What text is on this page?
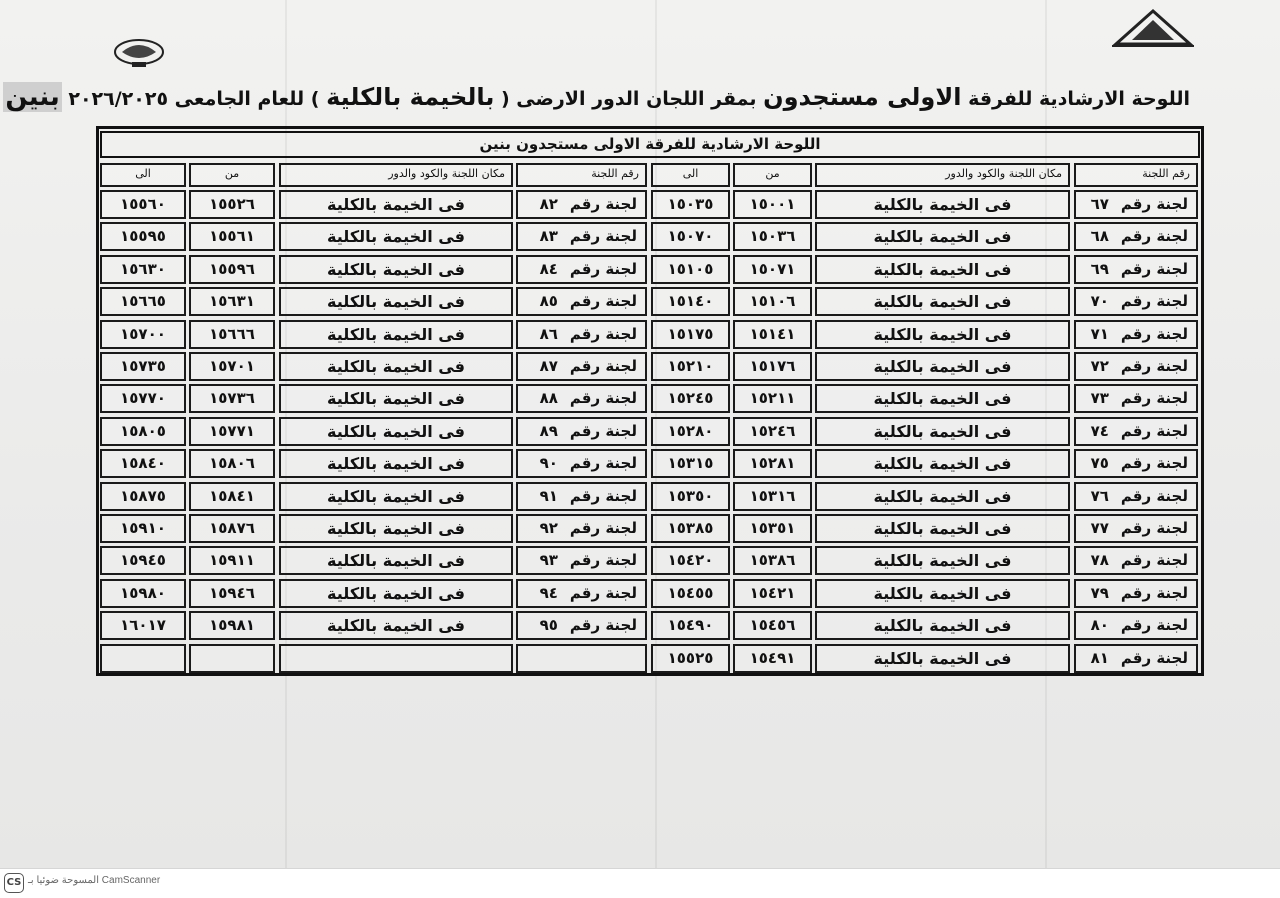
اللوحة الارشادية للفرقة الاولى مستجدون بمقر اللجان الدور الارضى ( بالخيمة بالكلية ) للعام الجامعى ٢٠٢٦/٢٠٢٥ بنين
اللوحة الارشادية للفرقة الاولى مستجدون بنين
رقم اللجنة
مكان اللجنة والكود والدور
من
الى
رقم اللجنة
مكان اللجنة والكود والدور
من
الى
لجنة رقم٦٧
فى الخيمة بالكلية
١٥٠٠١
١٥٠٣٥
لجنة رقم٨٢
فى الخيمة بالكلية
١٥٥٢٦
١٥٥٦٠
لجنة رقم٦٨
فى الخيمة بالكلية
١٥٠٣٦
١٥٠٧٠
لجنة رقم٨٣
فى الخيمة بالكلية
١٥٥٦١
١٥٥٩٥
لجنة رقم٦٩
فى الخيمة بالكلية
١٥٠٧١
١٥١٠٥
لجنة رقم٨٤
فى الخيمة بالكلية
١٥٥٩٦
١٥٦٣٠
لجنة رقم٧٠
فى الخيمة بالكلية
١٥١٠٦
١٥١٤٠
لجنة رقم٨٥
فى الخيمة بالكلية
١٥٦٣١
١٥٦٦٥
لجنة رقم٧١
فى الخيمة بالكلية
١٥١٤١
١٥١٧٥
لجنة رقم٨٦
فى الخيمة بالكلية
١٥٦٦٦
١٥٧٠٠
لجنة رقم٧٢
فى الخيمة بالكلية
١٥١٧٦
١٥٢١٠
لجنة رقم٨٧
فى الخيمة بالكلية
١٥٧٠١
١٥٧٣٥
لجنة رقم٧٣
فى الخيمة بالكلية
١٥٢١١
١٥٢٤٥
لجنة رقم٨٨
فى الخيمة بالكلية
١٥٧٣٦
١٥٧٧٠
لجنة رقم٧٤
فى الخيمة بالكلية
١٥٢٤٦
١٥٢٨٠
لجنة رقم٨٩
فى الخيمة بالكلية
١٥٧٧١
١٥٨٠٥
لجنة رقم٧٥
فى الخيمة بالكلية
١٥٢٨١
١٥٣١٥
لجنة رقم٩٠
فى الخيمة بالكلية
١٥٨٠٦
١٥٨٤٠
لجنة رقم٧٦
فى الخيمة بالكلية
١٥٣١٦
١٥٣٥٠
لجنة رقم٩١
فى الخيمة بالكلية
١٥٨٤١
١٥٨٧٥
لجنة رقم٧٧
فى الخيمة بالكلية
١٥٣٥١
١٥٣٨٥
لجنة رقم٩٢
فى الخيمة بالكلية
١٥٨٧٦
١٥٩١٠
لجنة رقم٧٨
فى الخيمة بالكلية
١٥٣٨٦
١٥٤٢٠
لجنة رقم٩٣
فى الخيمة بالكلية
١٥٩١١
١٥٩٤٥
لجنة رقم٧٩
فى الخيمة بالكلية
١٥٤٢١
١٥٤٥٥
لجنة رقم٩٤
فى الخيمة بالكلية
١٥٩٤٦
١٥٩٨٠
لجنة رقم٨٠
فى الخيمة بالكلية
١٥٤٥٦
١٥٤٩٠
لجنة رقم٩٥
فى الخيمة بالكلية
١٥٩٨١
١٦٠١٧
لجنة رقم٨١
فى الخيمة بالكلية
١٥٤٩١
١٥٥٢٥
CS المسوحة ضوئيا بـ CamScanner
